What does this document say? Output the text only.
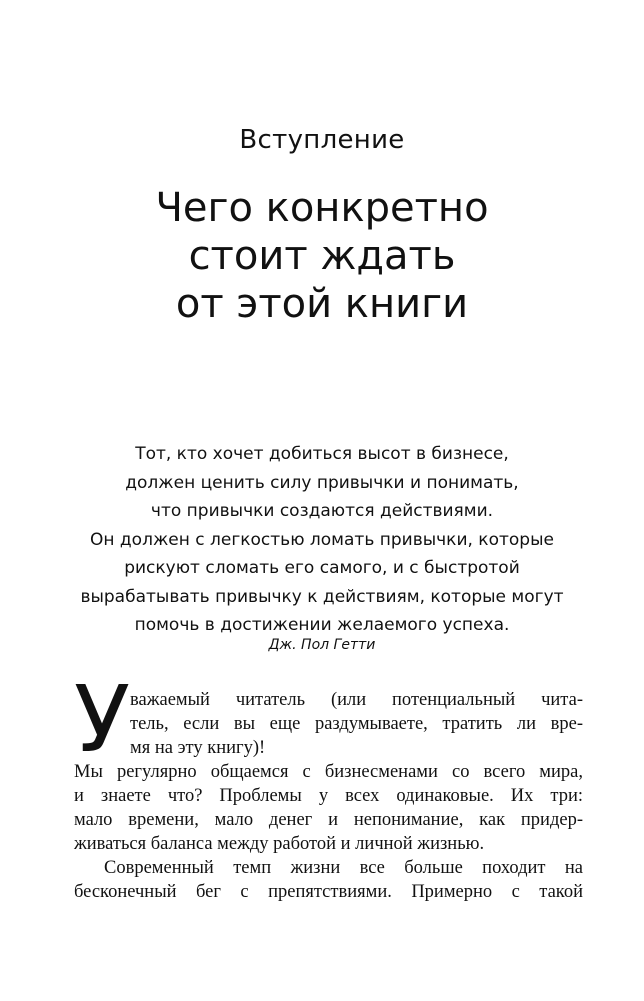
Вступление
Чего конкретно
стоит ждать
от этой книги
Тот, кто хочет добиться высот в бизнесе,
должен ценить силу привычки и понимать,
что привычки создаются действиями.
Он должен с легкостью ломать привычки, которые
рискуют сломать его самого, и с быстротой
вырабатывать привычку к действиям, которые могут
помочь в достижении желаемого успеха.
Дж. Пол Гетти
У важаемый читатель (или потенциальный чита-
тель, если вы еще раздумываете, тратить ли вре-
мя на эту книгу)!
Мы регулярно общаемся с бизнесменами со всего мира,
и знаете что? Проблемы у всех одинаковые. Их три:
мало времени, мало денег и непонимание, как придер-
живаться баланса между работой и личной жизнью.
Современный темп жизни все больше походит на
бесконечный бег с препятствиями. Примерно с такой
